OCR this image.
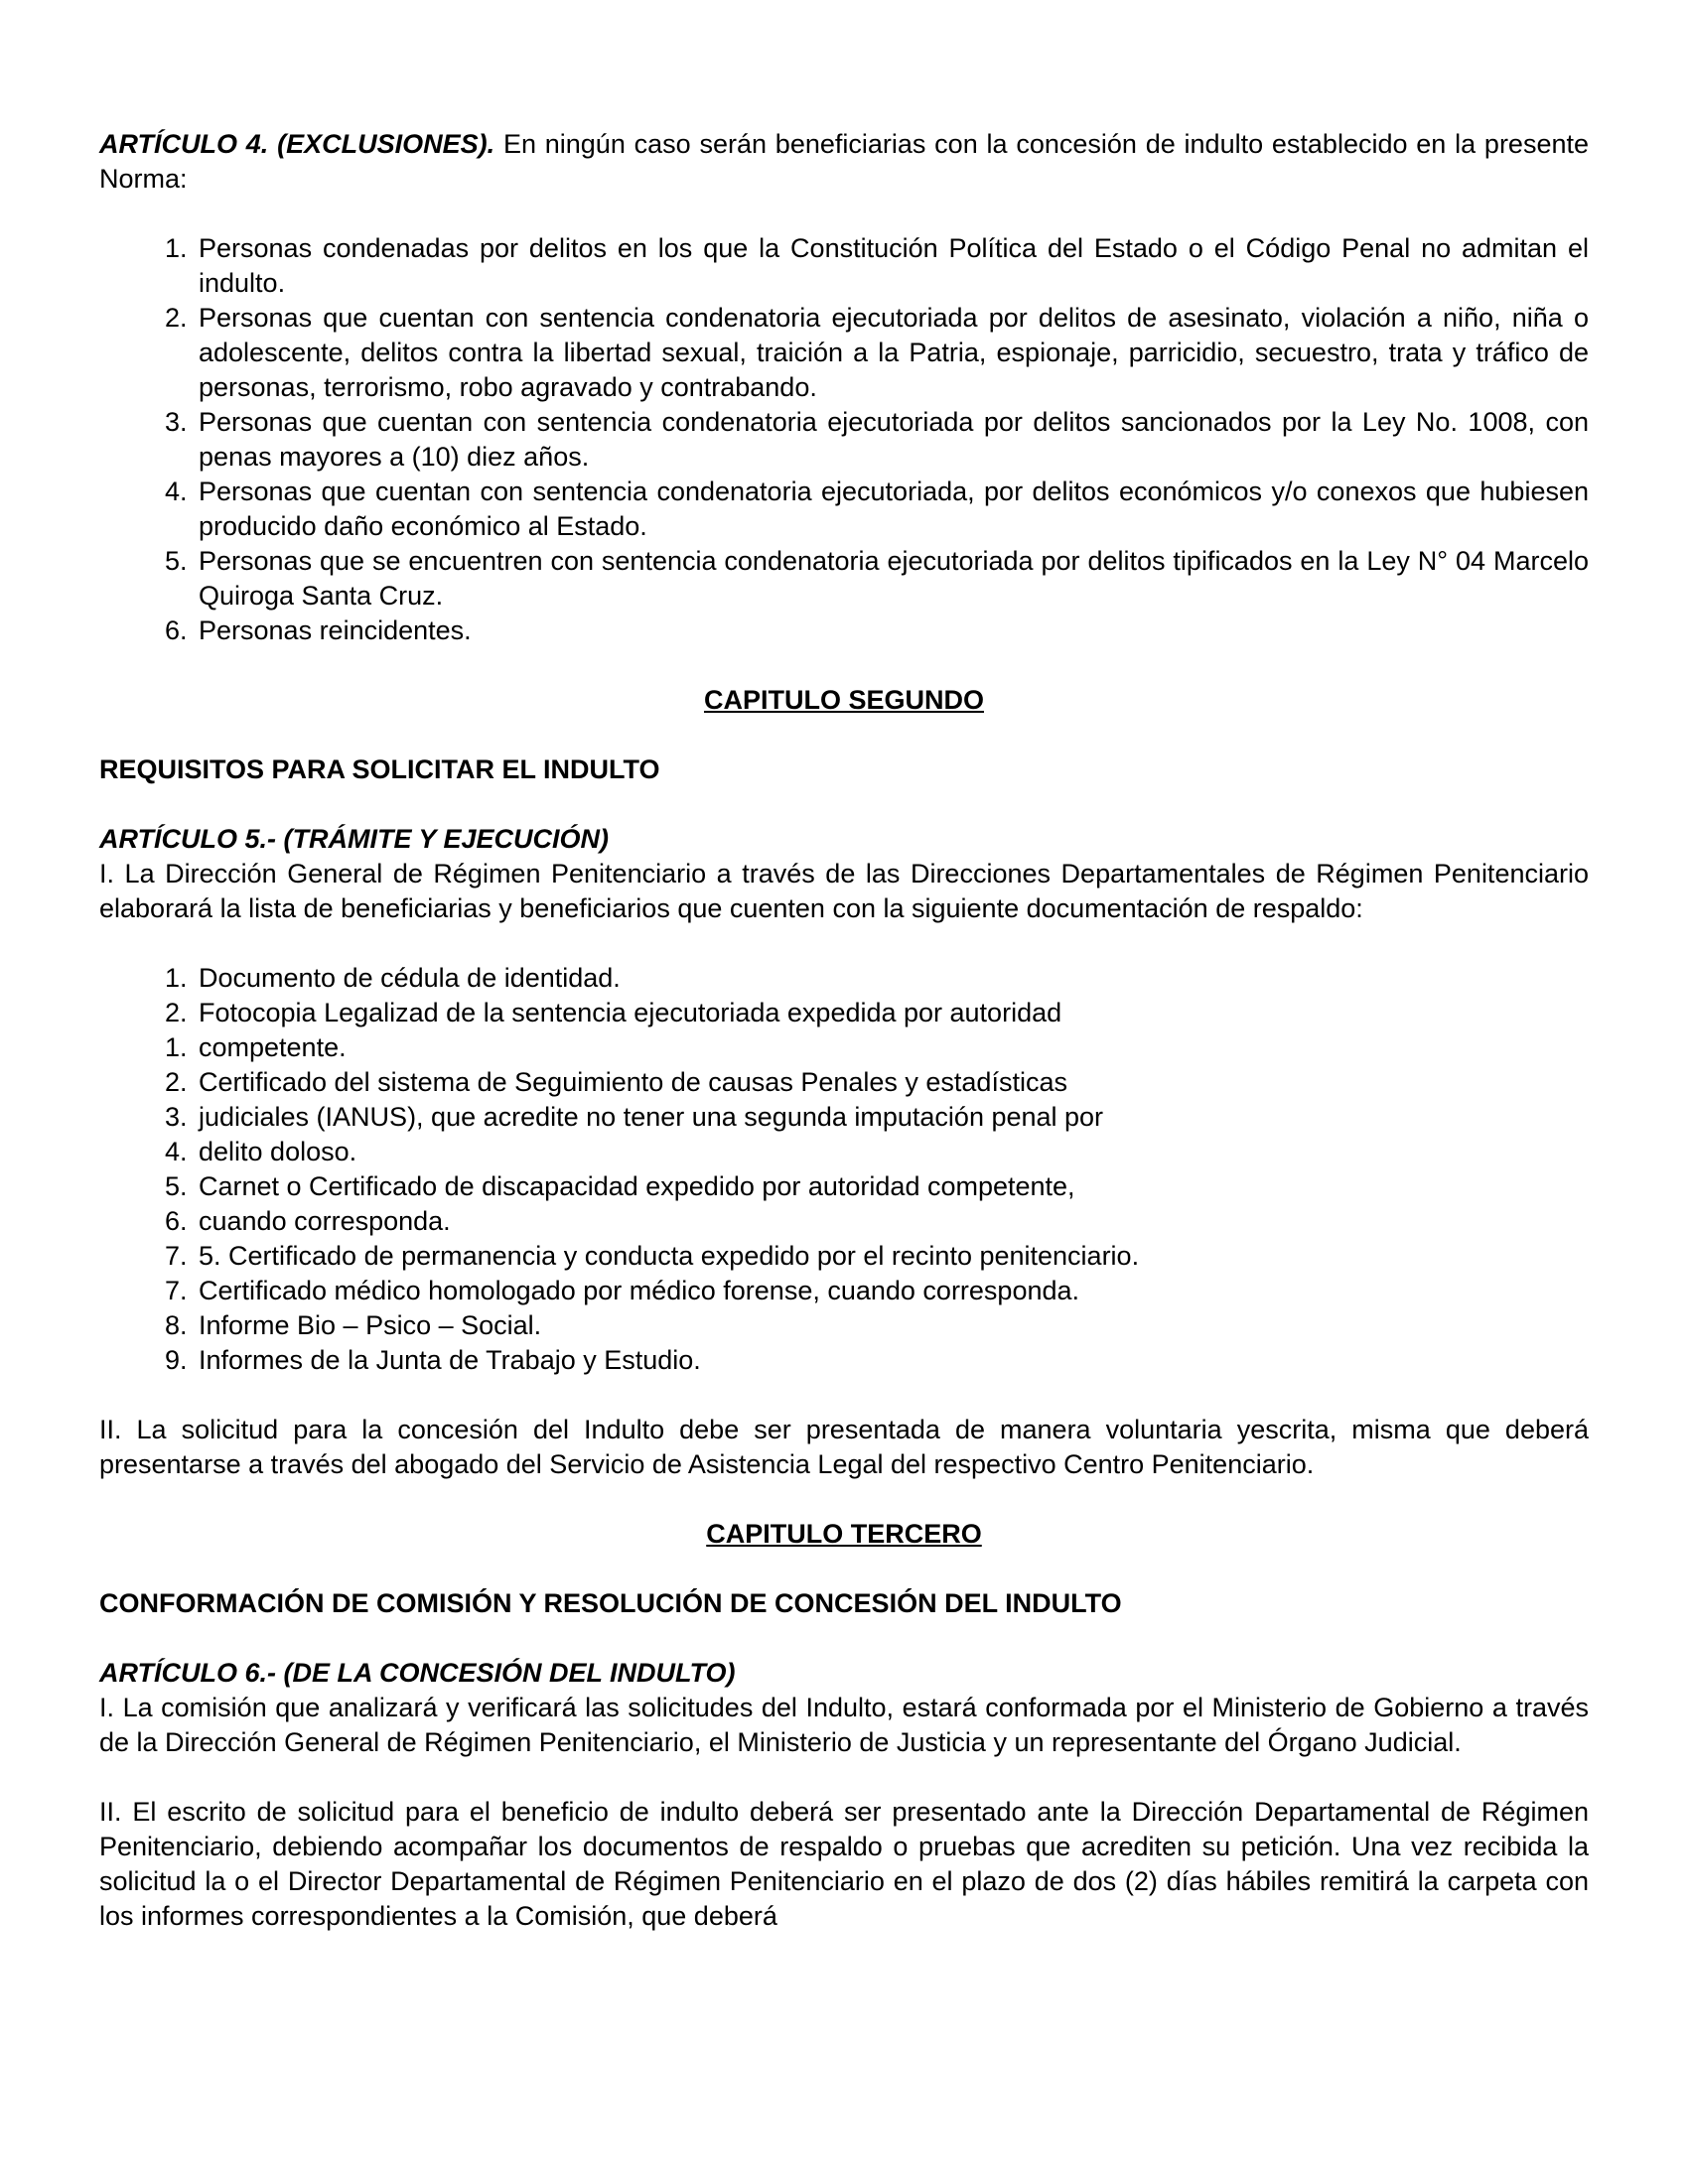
ARTÍCULO 4. (EXCLUSIONES). En ningún caso serán beneficiarias con la concesión de indulto establecido en la presente Norma:

1. Personas condenadas por delitos en los que la Constitución Política del Estado o el Código Penal no admitan el indulto.
2. Personas que cuentan con sentencia condenatoria ejecutoriada por delitos de asesinato, violación a niño, niña o adolescente, delitos contra la libertad sexual, traición a la Patria, espionaje, parricidio, secuestro, trata y tráfico de personas, terrorismo, robo agravado y contrabando.
3. Personas que cuentan con sentencia condenatoria ejecutoriada por delitos sancionados por la Ley No. 1008, con penas mayores a (10) diez años.
4. Personas que cuentan con sentencia condenatoria ejecutoriada, por delitos económicos y/o conexos que hubiesen producido daño económico al Estado.
5. Personas que se encuentren con sentencia condenatoria ejecutoriada por delitos tipificados en la Ley N° 04 Marcelo Quiroga Santa Cruz.
6. Personas reincidentes.

CAPITULO SEGUNDO

REQUISITOS PARA SOLICITAR EL INDULTO

ARTÍCULO 5.- (TRÁMITE Y EJECUCIÓN)

I. La Dirección General de Régimen Penitenciario a través de las Direcciones Departamentales de Régimen Penitenciario elaborará la lista de beneficiarias y beneficiarios que cuenten con la siguiente documentación de respaldo:

1. Documento de cédula de identidad.
2. Fotocopia Legalizad de la sentencia ejecutoriada expedida por autoridad
1. competente.
2. Certificado del sistema de Seguimiento de causas Penales y estadísticas
3. judiciales (IANUS), que acredite no tener una segunda imputación penal por
4. delito doloso.
5. Carnet o Certificado de discapacidad expedido por autoridad competente,
6. cuando corresponda.
7. 5. Certificado de permanencia y conducta expedido por el recinto penitenciario.
7. Certificado médico homologado por médico forense, cuando corresponda.
8. Informe Bio – Psico – Social.
9. Informes de la Junta de Trabajo y Estudio.

II. La solicitud para la concesión del Indulto debe ser presentada de manera voluntaria yescrita, misma que deberá presentarse a través del abogado del Servicio de Asistencia Legal del respectivo Centro Penitenciario.

CAPITULO TERCERO

CONFORMACIÓN DE COMISIÓN Y RESOLUCIÓN DE CONCESIÓN DEL INDULTO

ARTÍCULO 6.- (DE LA CONCESIÓN DEL INDULTO)

I. La comisión que analizará y verificará las solicitudes del Indulto, estará conformada por el Ministerio de Gobierno a través de la Dirección General de Régimen Penitenciario, el Ministerio de Justicia y un representante del Órgano Judicial.

II. El escrito de solicitud para el beneficio de indulto deberá ser presentado ante la Dirección Departamental de Régimen Penitenciario, debiendo acompañar los documentos de respaldo o pruebas que acrediten su petición. Una vez recibida la solicitud la o el Director Departamental de Régimen Penitenciario en el plazo de dos (2) días hábiles remitirá la carpeta con los informes correspondientes a la Comisión, que deberá
